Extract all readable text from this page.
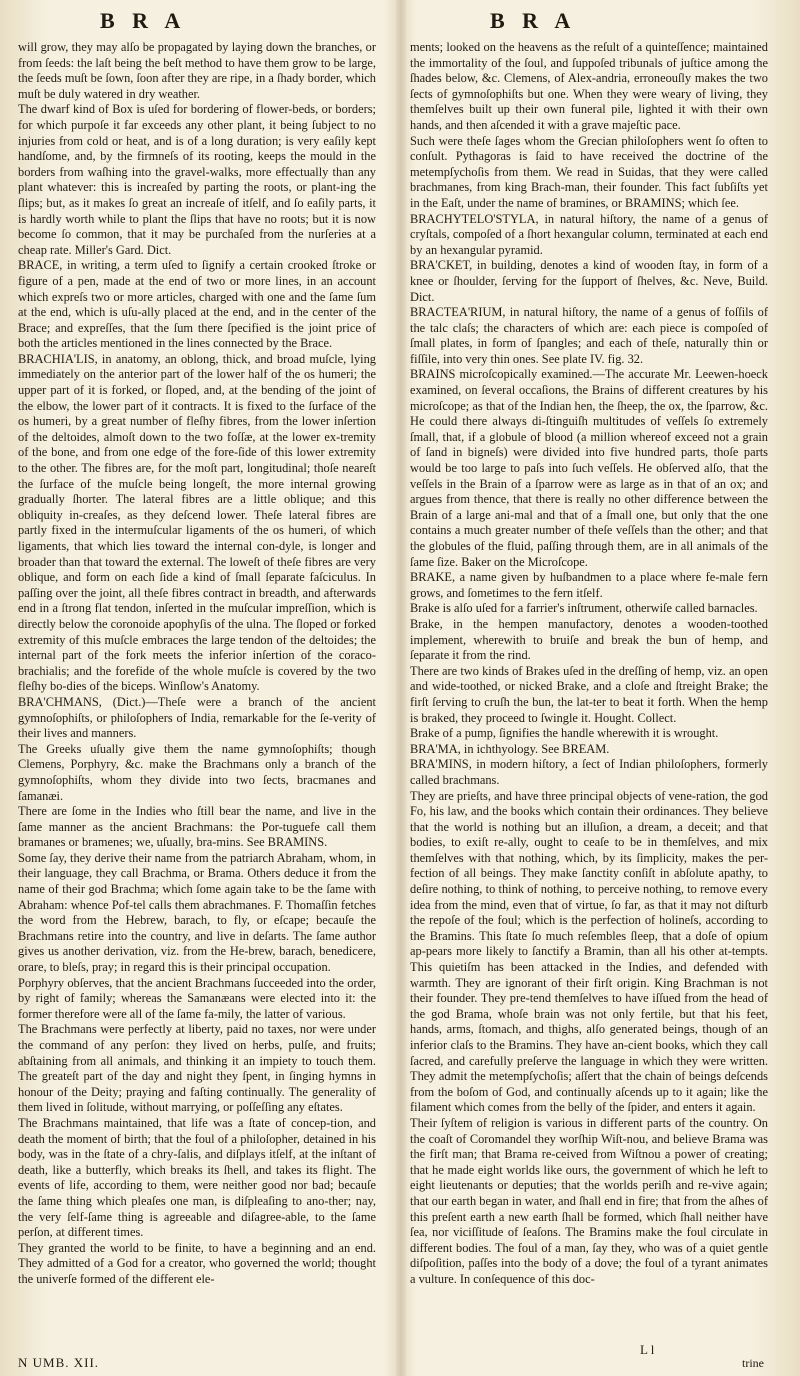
B R A	B R A

will grow, they may alſo be propagated by laying down the branches, or from ſeeds: the laſt being the beſt method to have them grow to be large, the ſeeds muſt be ſown, ſoon after they are ripe, in a ſhady border, which muſt be duly watered in dry weather.

The dwarf kind of Box is uſed for bordering of flower-beds, or borders; for which purpoſe it far exceeds any other plant, it being ſubject to no injuries from cold or heat, and is of a long duration; is very eaſily kept handſome, and, by the firmneſs of its rooting, keeps the mould in the borders from waſhing into the gravel-walks, more effectually than any plant whatever: this is increaſed by parting the roots, or plant-ing the ſlips; but, as it makes ſo great an increaſe of itſelf, and ſo eaſily parts, it is hardly worth while to plant the ſlips that have no roots; but it is now become ſo common, that it may be purchaſed from the nurſeries at a cheap rate. Miller's Gard. Dict.

BRACE, in writing, a term uſed to ſignify a certain crooked ſtroke or figure of a pen, made at the end of two or more lines, in an account which expreſs two or more articles, charged with one and the ſame ſum at the end, which is uſu-ally placed at the end, and in the center of the Brace; and expreſſes, that the ſum there ſpecified is the joint price of both the articles mentioned in the lines connected by the Brace.

BRACHIA'LIS, in anatomy, an oblong, thick, and broad muſcle, lying immediately on the anterior part of the lower half of the os humeri; the upper part of it is forked, or ſloped, and, at the bending of the joint of the elbow, the lower part of it contracts. It is fixed to the ſurface of the os humeri, by a great number of fleſhy fibres, from the lower inſertion of the deltoides, almoſt down to the two foſſæ, at the lower ex-tremity of the bone, and from one edge of the fore-ſide of this lower extremity to the other. The fibres are, for the moſt part, longitudinal; thoſe neareſt the ſurface of the muſcle being longeſt, the more internal growing gradually ſhorter. The lateral fibres are a little oblique; and this obliquity in-creaſes, as they deſcend lower. Theſe lateral fibres are partly fixed in the intermuſcular ligaments of the os humeri, of which ligaments, that which lies toward the internal con-dyle, is longer and broader than that toward the external. The loweſt of theſe fibres are very oblique, and form on each ſide a kind of ſmall ſeparate faſciculus. In paſſing over the joint, all theſe fibres contract in breadth, and afterwards end in a ſtrong flat tendon, inſerted in the muſcular impreſſion, which is directly below the coronoide apophyſis of the ulna. The ſloped or forked extremity of this muſcle embraces the large tendon of the deltoides; the internal part of the fork meets the inferior inſertion of the coraco-brachialis; and the forefide of the whole muſcle is covered by the two fleſhy bo-dies of the biceps. Winſlow's Anatomy.

BRA'CHMANS, (Dict.)—Theſe were a branch of the ancient gymnoſophiſts, or philoſophers of India, remarkable for the ſe-verity of their lives and manners.

The Greeks uſually give them the name gymnoſophiſts; though Clemens, Porphyry, &c. make the Brachmans only a branch of the gymnoſophiſts, whom they divide into two ſects, bracmanes and ſamanæi.

There are ſome in the Indies who ſtill bear the name, and live in the ſame manner as the ancient Brachmans: the Por-tuguefe call them bramanes or bramenes; we, uſually, bra-mins. See BRAMINS.

Some ſay, they derive their name from the patriarch Abraham, whom, in their language, they call Brachma, or Brama. Others deduce it from the name of their god Brachma; which ſome again take to be the ſame with Abraham: whence Pof-tel calls them abrachmanes. F. Thomaſſin fetches the word from the Hebrew, barach, to fly, or eſcape; becauſe the Brachmans retire into the country, and live in deſarts. The ſame author gives us another derivation, viz. from the He-brew, barach, benedicere, orare, to bleſs, pray; in regard this is their principal occupation.

Porphyry obſerves, that the ancient Brachmans ſucceeded into the order, by right of family; whereas the Samanæans were elected into it: the former therefore were all of the ſame fa-mily, the latter of various.

The Brachmans were perfectly at liberty, paid no taxes, nor were under the command of any perſon: they lived on herbs, pulſe, and fruits; abſtaining from all animals, and thinking it an impiety to touch them. The greateſt part of the day and night they ſpent, in ſinging hymns in honour of the Deity; praying and faſting continually. The generality of them lived in ſolitude, without marrying, or poſſeſſing any eſtates.

The Brachmans maintained, that life was a ſtate of concep-tion, and death the moment of birth; that the foul of a philoſopher, detained in his body, was in the ſtate of a chry-ſalis, and diſplays itſelf, at the inſtant of death, like a butterfly, which breaks its ſhell, and takes its flight. The events of life, according to them, were neither good nor bad; becauſe the ſame thing which pleaſes one man, is diſpleaſing to ano-ther; nay, the very ſelf-ſame thing is agreeable and diſagree-able, to the ſame perſon, at different times.

They granted the world to be finite, to have a beginning and an end. They admitted of a God for a creator, who governed the world; thought the univerſe formed of the different ele-

ments; looked on the heavens as the reſult of a quinteſſence; maintained the immortality of the ſoul, and ſuppoſed tribunals of juſtice among the ſhades below, &c. Clemens, of Alex-andria, erroneouſly makes the two ſects of gymnoſophiſts but one. When they were weary of living, they themſelves built up their own funeral pile, lighted it with their own hands, and then aſcended it with a grave majeſtic pace.

Such were theſe ſages whom the Grecian philoſophers went ſo often to conſult. Pythagoras is ſaid to have received the doctrine of the metempſychoſis from them. We read in Suidas, that they were called brachmanes, from king Brach-man, their founder. This fact ſubſiſts yet in the Eaſt, under the name of bramines, or BRAMINS; which ſee.

BRACHYTELO'STYLA, in natural hiſtory, the name of a genus of cryſtals, compoſed of a ſhort hexangular column, terminated at each end by an hexangular pyramid.

BRA'CKET, in building, denotes a kind of wooden ſtay, in form of a knee or ſhoulder, ſerving for the ſupport of ſhelves, &c. Neve, Build. Dict.

BRACTEA'RIUM, in natural hiſtory, the name of a genus of foſſils of the talc claſs; the characters of which are: each piece is compoſed of ſmall plates, in form of ſpangles; and each of theſe, naturally thin or fiſſile, into very thin ones. See plate IV. fig. 32.

BRAINS microſcopically examined.—The accurate Mr. Leewen-hoeck examined, on ſeveral occaſions, the Brains of different creatures by his microſcope; as that of the Indian hen, the ſheep, the ox, the ſparrow, &c. He could there always di-ſtinguiſh multitudes of veſſels ſo extremely ſmall, that, if a globule of blood (a million whereof exceed not a grain of ſand in bigneſs) were divided into five hundred parts, thoſe parts would be too large to paſs into ſuch veſſels. He obſerved alſo, that the veſſels in the Brain of a ſparrow were as large as in that of an ox; and argues from thence, that there is really no other difference between the Brain of a large ani-mal and that of a ſmall one, but only that the one contains a much greater number of theſe veſſels than the other; and that the globules of the fluid, paſſing through them, are in all animals of the ſame ſize. Baker on the Microſcope.

BRAKE, a name given by huſbandmen to a place where fe-male fern grows, and ſometimes to the fern itſelf.

Brake is alſo uſed for a farrier's inſtrument, otherwiſe called barnacles.

Brake, in the hempen manufactory, denotes a wooden-toothed implement, wherewith to bruiſe and break the bun of hemp, and ſeparate it from the rind.

There are two kinds of Brakes uſed in the dreſſing of hemp, viz. an open and wide-toothed, or nicked Brake, and a cloſe and ſtreight Brake; the firſt ſerving to cruſh the bun, the lat-ter to beat it forth. When the hemp is braked, they proceed to ſwingle it. Hought. Collect.

Brake of a pump, ſignifies the handle wherewith it is wrought.

BRA'MA, in ichthyology. See BREAM.

BRA'MINS, in modern hiſtory, a ſect of Indian philoſophers, formerly called brachmans.

They are prieſts, and have three principal objects of vene-ration, the god Fo, his law, and the books which contain their ordinances. They believe that the world is nothing but an illuſion, a dream, a deceit; and that bodies, to exiſt re-ally, ought to ceaſe to be in themſelves, and mix themſelves with that nothing, which, by its ſimplicity, makes the per-fection of all beings. They make ſanctity conſiſt in abſolute apathy, to deſire nothing, to think of nothing, to perceive nothing, to remove every idea from the mind, even that of virtue, ſo far, as that it may not diſturb the repoſe of the foul; which is the perfection of holineſs, according to the Bramins. This ſtate ſo much reſembles ſleep, that a doſe of opium ap-pears more likely to ſanctify a Bramin, than all his other at-tempts. This quietiſm has been attacked in the Indies, and defended with warmth. They are ignorant of their firſt origin. King Brachman is not their founder. They pre-tend themſelves to have iſſued from the head of the god Brama, whoſe brain was not only fertile, but that his feet, hands, arms, ſtomach, and thighs, alſo generated beings, though of an inferior claſs to the Bramins. They have an-cient books, which they call ſacred, and carefully preſerve the language in which they were written. They admit the metempſychoſis; aſſert that the chain of beings deſcends from the boſom of God, and continually aſcends up to it again; like the filament which comes from the belly of the ſpider, and enters it again.

Their ſyſtem of religion is various in different parts of the country. On the coaſt of Coromandel they worſhip Wiſt-nou, and believe Brama was the firſt man; that Brama re-ceived from Wiſtnou a power of creating; that he made eight worlds like ours, the government of which he left to eight lieutenants or deputies; that the worlds periſh and re-vive again; that our earth began in water, and ſhall end in fire; that from the aſhes of this preſent earth a new earth ſhall be formed, which ſhall neither have ſea, nor viciſſitude of ſeaſons. The Bramins make the foul circulate in different bodies. The foul of a man, ſay they, who was of a quiet gentle diſpoſition, paſſes into the body of a dove; the foul of a tyrant animates a vulture. In conſequence of this doc-

N UMB. XII.
L l
trine
